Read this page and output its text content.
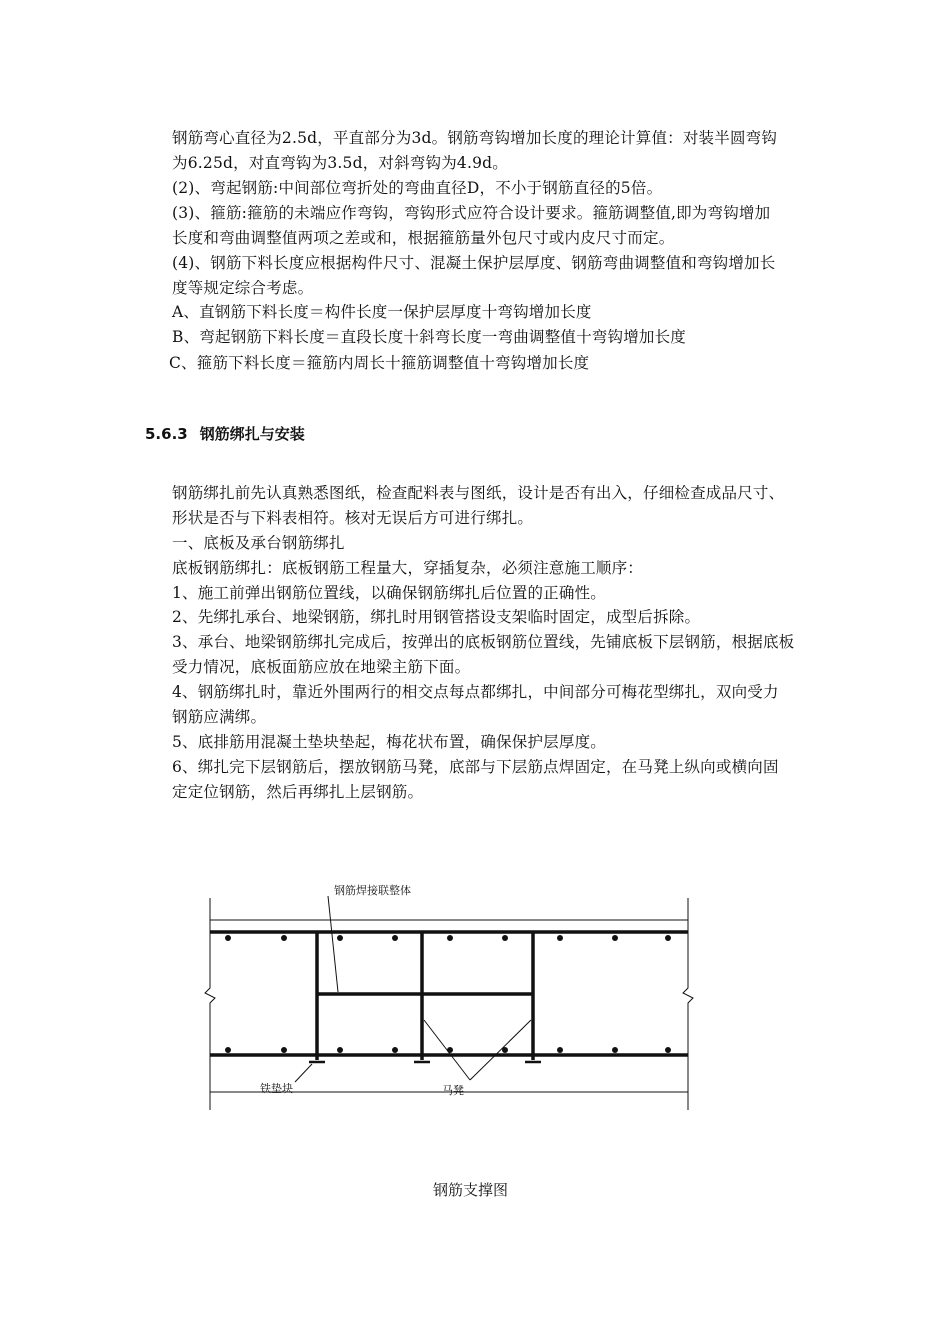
钢筋弯心直径为2.5d，平直部分为3d。钢筋弯钩增加长度的理论计算值：对装半圆弯钩
为6.25d，对直弯钩为3.5d，对斜弯钩为4.9d。
(2)、弯起钢筋:中间部位弯折处的弯曲直径D，不小于钢筋直径的5倍。
(3)、箍筋:箍筋的未端应作弯钩，弯钩形式应符合设计要求。箍筋调整值,即为弯钩增加
长度和弯曲调整值两项之差或和，根据箍筋量外包尺寸或内皮尺寸而定。
(4)、钢筋下料长度应根据构件尺寸、混凝土保护层厚度、钢筋弯曲调整值和弯钩增加长
度等规定综合考虑。
A、直钢筋下料长度＝构件长度一保护层厚度十弯钩增加长度
B、弯起钢筋下料长度＝直段长度十斜弯长度一弯曲调整值十弯钩增加长度
C、箍筋下料长度＝箍筋内周长十箍筋调整值十弯钩增加长度
5.6.3 钢筋绑扎与安装
钢筋绑扎前先认真熟悉图纸，检查配料表与图纸，设计是否有出入，仔细检查成品尺寸、
形状是否与下料表相符。核对无误后方可进行绑扎。
一、底板及承台钢筋绑扎
底板钢筋绑扎：底板钢筋工程量大，穿插复杂，必须注意施工顺序：
1、施工前弹出钢筋位置线，以确保钢筋绑扎后位置的正确性。
2、先绑扎承台、地梁钢筋，绑扎时用钢管搭设支架临时固定，成型后拆除。
3、承台、地梁钢筋绑扎完成后，按弹出的底板钢筋位置线，先铺底板下层钢筋，根据底板
受力情况，底板面筋应放在地梁主筋下面。
4、钢筋绑扎时，靠近外围两行的相交点每点都绑扎，中间部分可梅花型绑扎，双向受力
钢筋应满绑。
5、底排筋用混凝土垫块垫起，梅花状布置，确保保护层厚度。
6、绑扎完下层钢筋后，摆放钢筋马凳，底部与下层筋点焊固定，在马凳上纵向或横向固
定定位钢筋，然后再绑扎上层钢筋。
钢筋焊接联整体
铁垫块	马凳
钢筋支撑图
